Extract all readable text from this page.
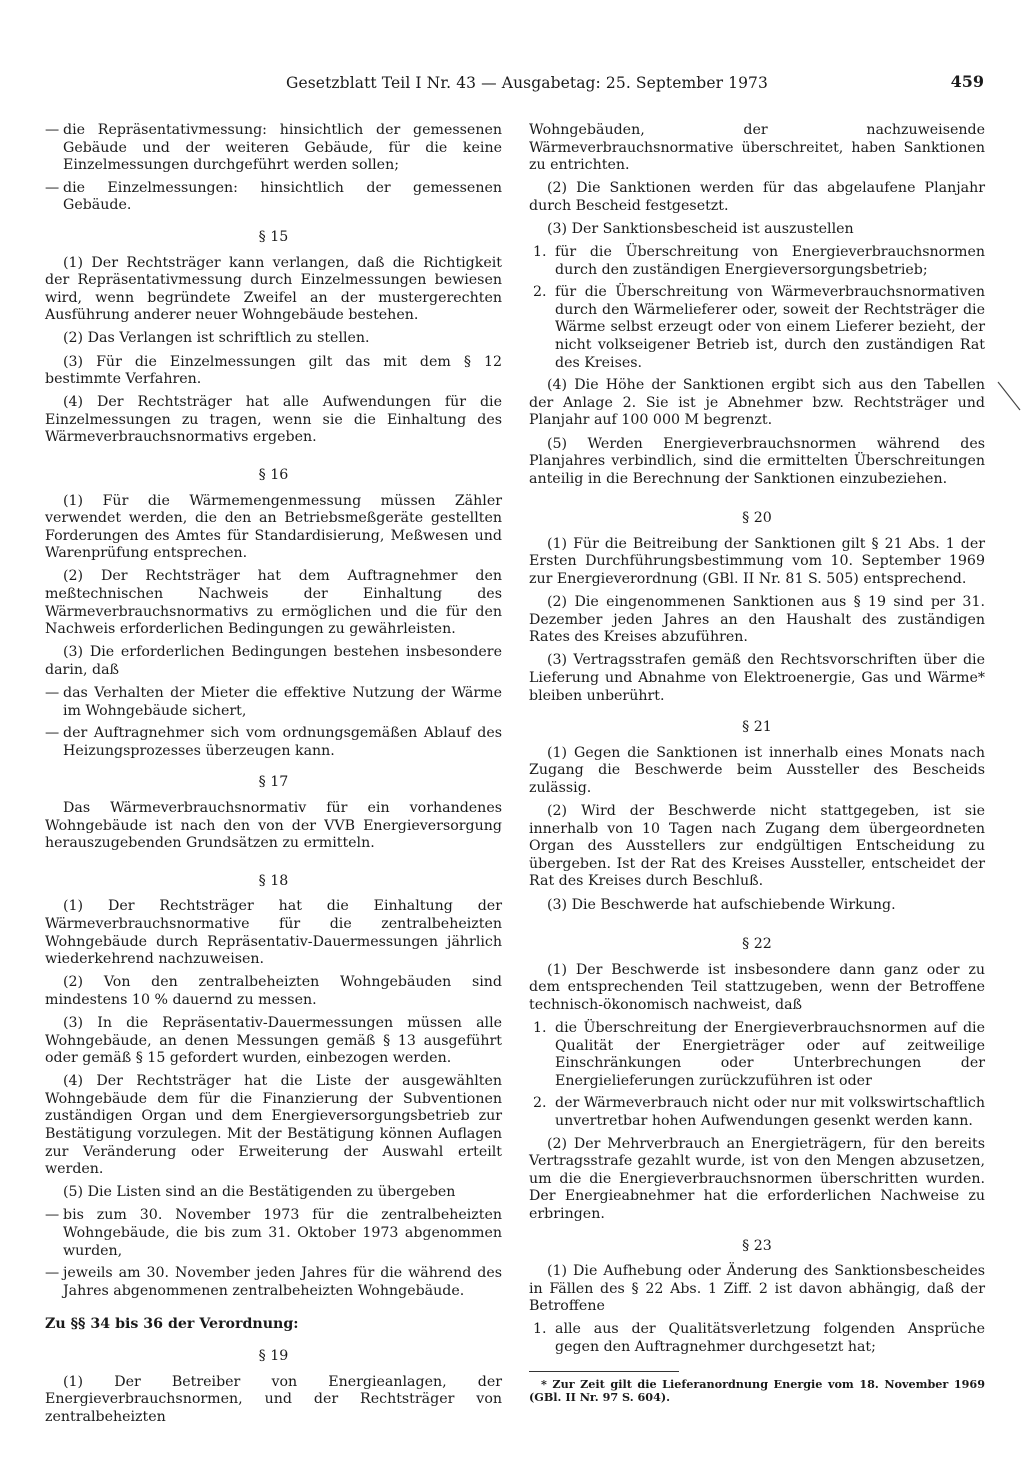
Gesetzblatt Teil I Nr. 43 — Ausgabetag: 25. September 1973	459
— die Repräsentativmessung: hinsichtlich der gemessenen Gebäude und der weiteren Gebäude, für die keine Einzelmessungen durchgeführt werden sollen;
— die Einzelmessungen: hinsichtlich der gemessenen Gebäude.
§ 15

(1) Der Rechtsträger kann verlangen, daß die Richtigkeit der Repräsentativmessung durch Einzelmessungen bewiesen wird, wenn begründete Zweifel an der mustergerechten Ausführung anderer neuer Wohngebäude bestehen.

(2) Das Verlangen ist schriftlich zu stellen.

(3) Für die Einzelmessungen gilt das mit dem § 12 bestimmte Verfahren.

(4) Der Rechtsträger hat alle Aufwendungen für die Einzelmessungen zu tragen, wenn sie die Einhaltung des Wärmeverbrauchsnormativs ergeben.

§ 16

(1) Für die Wärmemengenmessung müssen Zähler verwendet werden, die den an Betriebsmeßgeräte gestellten Forderungen des Amtes für Standardisierung, Meßwesen und Warenprüfung entsprechen.

(2) Der Rechtsträger hat dem Auftragnehmer den meßtechnischen Nachweis der Einhaltung des Wärmeverbrauchsnormativs zu ermöglichen und die für den Nachweis erforderlichen Bedingungen zu gewährleisten.

(3) Die erforderlichen Bedingungen bestehen insbesondere darin, daß

— das Verhalten der Mieter die effektive Nutzung der Wärme im Wohngebäude sichert,
— der Auftragnehmer sich vom ordnungsgemäßen Ablauf des Heizungsprozesses überzeugen kann.
§ 17

Das Wärmeverbrauchsnormativ für ein vorhandenes Wohngebäude ist nach den von der VVB Energieversorgung herauszugebenden Grundsätzen zu ermitteln.

§ 18

(1) Der Rechtsträger hat die Einhaltung der Wärmeverbrauchsnormative für die zentralbeheizten Wohngebäude durch Repräsentativ-Dauermessungen jährlich wiederkehrend nachzuweisen.

(2) Von den zentralbeheizten Wohngebäuden sind mindestens 10 % dauernd zu messen.

(3) In die Repräsentativ-Dauermessungen müssen alle Wohngebäude, an denen Messungen gemäß § 13 ausgeführt oder gemäß § 15 gefordert wurden, einbezogen werden.

(4) Der Rechtsträger hat die Liste der ausgewählten Wohngebäude dem für die Finanzierung der Subventionen zuständigen Organ und dem Energieversorgungsbetrieb zur Bestätigung vorzulegen. Mit der Bestätigung können Auflagen zur Veränderung oder Erweiterung der Auswahl erteilt werden.

(5) Die Listen sind an die Bestätigenden zu übergeben

— bis zum 30. November 1973 für die zentralbeheizten Wohngebäude, die bis zum 31. Oktober 1973 abgenommen wurden,
— jeweils am 30. November jeden Jahres für die während des Jahres abgenommenen zentralbeheizten Wohngebäude.
Zu §§ 34 bis 36 der Verordnung:
§ 19

(1) Der Betreiber von Energieanlagen, der Energieverbrauchsnormen, und der Rechtsträger von zentralbeheizten

Wohngebäuden, der nachzuweisende Wärmeverbrauchsnormative überschreitet, haben Sanktionen zu entrichten.

(2) Die Sanktionen werden für das abgelaufene Planjahr durch Bescheid festgesetzt.

(3) Der Sanktionsbescheid ist auszustellen

1. für die Überschreitung von Energieverbrauchsnormen durch den zuständigen Energieversorgungsbetrieb;
2. für die Überschreitung von Wärmeverbrauchsnormativen durch den Wärmelieferer oder, soweit der Rechtsträger die Wärme selbst erzeugt oder von einem Lieferer bezieht, der nicht volkseigener Betrieb ist, durch den zuständigen Rat des Kreises.

(4) Die Höhe der Sanktionen ergibt sich aus den Tabellen der Anlage 2. Sie ist je Abnehmer bzw. Rechtsträger und Planjahr auf 100 000 M begrenzt.

(5) Werden Energieverbrauchsnormen während des Planjahres verbindlich, sind die ermittelten Überschreitungen anteilig in die Berechnung der Sanktionen einzubeziehen.

§ 20

(1) Für die Beitreibung der Sanktionen gilt § 21 Abs. 1 der Ersten Durchführungsbestimmung vom 10. September 1969 zur Energieverordnung (GBl. II Nr. 81 S. 505) entsprechend.

(2) Die eingenommenen Sanktionen aus § 19 sind per 31. Dezember jeden Jahres an den Haushalt des zuständigen Rates des Kreises abzuführen.

(3) Vertragsstrafen gemäß den Rechtsvorschriften über die Lieferung und Abnahme von Elektroenergie, Gas und Wärme* bleiben unberührt.

§ 21

(1) Gegen die Sanktionen ist innerhalb eines Monats nach Zugang die Beschwerde beim Aussteller des Bescheids zulässig.

(2) Wird der Beschwerde nicht stattgegeben, ist sie innerhalb von 10 Tagen nach Zugang dem übergeordneten Organ des Ausstellers zur endgültigen Entscheidung zu übergeben. Ist der Rat des Kreises Aussteller, entscheidet der Rat des Kreises durch Beschluß.

(3) Die Beschwerde hat aufschiebende Wirkung.

§ 22

(1) Der Beschwerde ist insbesondere dann ganz oder zu dem entsprechenden Teil stattzugeben, wenn der Betroffene technisch-ökonomisch nachweist, daß

1. die Überschreitung der Energieverbrauchsnormen auf die Qualität der Energieträger oder auf zeitweilige Einschränkungen oder Unterbrechungen der Energielieferungen zurückzuführen ist oder
2. der Wärmeverbrauch nicht oder nur mit volkswirtschaftlich unvertretbar hohen Aufwendungen gesenkt werden kann.

(2) Der Mehrverbrauch an Energieträgern, für den bereits Vertragsstrafe gezahlt wurde, ist von den Mengen abzusetzen, um die die Energieverbrauchsnormen überschritten wurden. Der Energieabnehmer hat die erforderlichen Nachweise zu erbringen.

§ 23

(1) Die Aufhebung oder Änderung des Sanktionsbescheides in Fällen des § 22 Abs. 1 Ziff. 2 ist davon abhängig, daß der Betroffene

1. alle aus der Qualitätsverletzung folgenden Ansprüche gegen den Auftragnehmer durchgesetzt hat;

* Zur Zeit gilt die Lieferanordnung Energie vom 18. November 1969 (GBl. II Nr. 97 S. 604).
